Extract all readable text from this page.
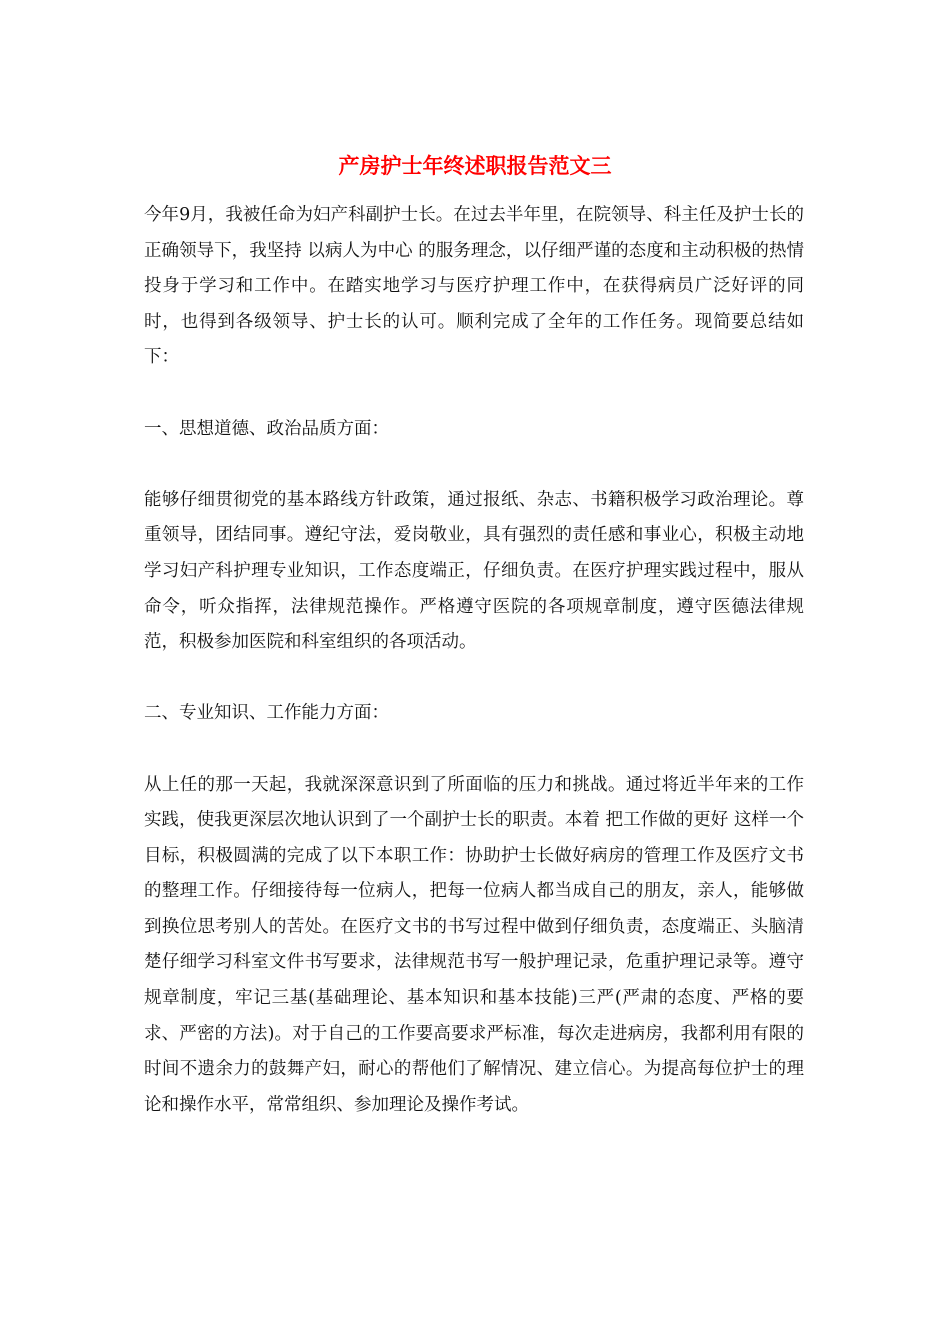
产房护士年终述职报告范文三

今年9月，我被任命为妇产科副护士长。在过去半年里，在院领导、科主任及护士长的正确领导下，我坚持 以病人为中心 的服务理念，以仔细严谨的态度和主动积极的热情投身于学习和工作中。在踏实地学习与医疗护理工作中，在获得病员广泛好评的同时，也得到各级领导、护士长的认可。顺利完成了全年的工作任务。现简要总结如下：

一、思想道德、政治品质方面：

能够仔细贯彻党的基本路线方针政策，通过报纸、杂志、书籍积极学习政治理论。尊重领导，团结同事。遵纪守法，爱岗敬业，具有强烈的责任感和事业心，积极主动地学习妇产科护理专业知识，工作态度端正，仔细负责。在医疗护理实践过程中，服从命令，听众指挥，法律规范操作。严格遵守医院的各项规章制度，遵守医德法律规范，积极参加医院和科室组织的各项活动。

二、专业知识、工作能力方面：

从上任的那一天起，我就深深意识到了所面临的压力和挑战。通过将近半年来的工作实践，使我更深层次地认识到了一个副护士长的职责。本着 把工作做的更好 这样一个目标，积极圆满的完成了以下本职工作：协助护士长做好病房的管理工作及医疗文书的整理工作。仔细接待每一位病人，把每一位病人都当成自己的朋友，亲人，能够做到换位思考别人的苦处。在医疗文书的书写过程中做到仔细负责，态度端正、头脑清楚仔细学习科室文件书写要求，法律规范书写一般护理记录，危重护理记录等。遵守规章制度，牢记三基(基础理论、基本知识和基本技能)三严(严肃的态度、严格的要求、严密的方法)。对于自己的工作要高要求严标准，每次走进病房，我都利用有限的时间不遗余力的鼓舞产妇，耐心的帮他们了解情况、建立信心。为提高每位护士的理论和操作水平，常常组织、参加理论及操作考试。
